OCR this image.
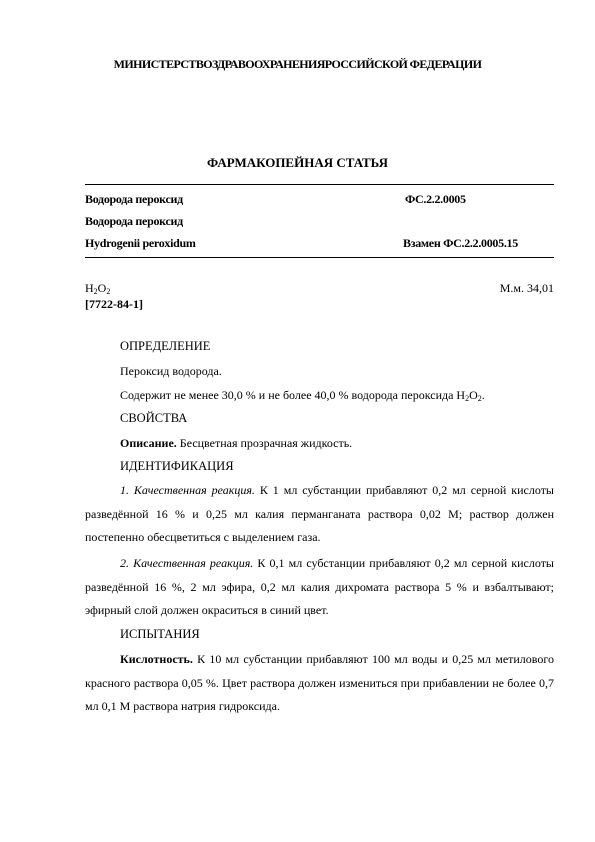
МИНИСТЕРСТВОЗДРАВООХРАНЕНИЯРОССИЙСКОЙ ФЕДЕРАЦИИ
ФАРМАКОПЕЙНАЯ СТАТЬЯ
Водорода пероксид	ФС.2.2.0005
Водорода пероксид
Hydrogenii peroxidum	Взамен ФС.2.2.0005.15
$H_2O_2$	М.м. 34,01
[7722-84-1]
ОПРЕДЕЛЕНИЕ
Пероксид водорода.
Содержит не менее 30,0 % и не более 40,0 % водорода пероксида $H_2O_2$.
СВОЙСТВА
Описание. Бесцветная прозрачная жидкость.
ИДЕНТИФИКАЦИЯ

1. Качественная реакция. К 1 мл субстанции прибавляют 0,2 мл серной кислоты разведённой 16 % и 0,25 мл калия перманганата раствора 0,02 М; раствор должен постепенно обесцветиться с выделением газа.

2. Качественная реакция. К 0,1 мл субстанции прибавляют 0,2 мл серной кислоты разведённой 16 %, 2 мл эфира, 0,2 мл калия дихромата раствора 5 % и взбалтывают; эфирный слой должен окраситься в синий цвет.

ИСПЫТАНИЯ

Кислотность. К 10 мл субстанции прибавляют 100 мл воды и 0,25 мл метилового красного раствора 0,05 %. Цвет раствора должен измениться при прибавлении не более 0,7 мл 0,1 М раствора натрия гидроксида.
